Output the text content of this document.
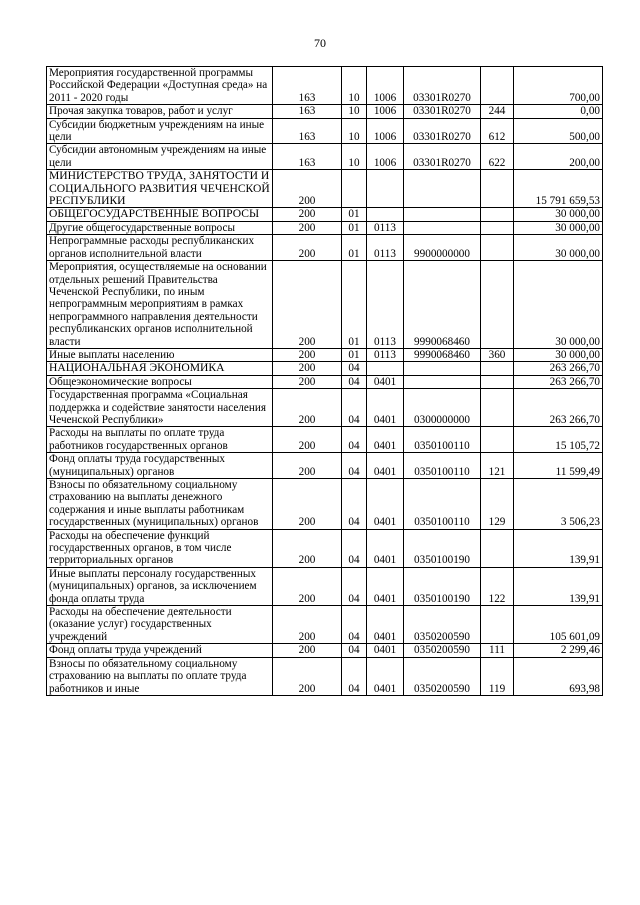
70
Мероприятия государственной программы Российской Федерации «Доступная среда» на 2011 - 2020 годы	163	10	1006	03301R0270		700,00
Прочая закупка товаров, работ и услуг	163	10	1006	03301R0270	244	0,00
Субсидии бюджетным учреждениям на иные цели	163	10	1006	03301R0270	612	500,00
Субсидии автономным учреждениям на иные цели	163	10	1006	03301R0270	622	200,00
МИНИСТЕРСТВО ТРУДА, ЗАНЯТОСТИ И СОЦИАЛЬНОГО РАЗВИТИЯ ЧЕЧЕНСКОЙ РЕСПУБЛИКИ	200					15 791 659,53
ОБЩЕГОСУДАРСТВЕННЫЕ ВОПРОСЫ	200	01				30 000,00
Другие общегосударственные вопросы	200	01	0113			30 000,00
Непрограммные расходы республиканских органов исполнительной власти	200	01	0113	9900000000		30 000,00
Мероприятия, осуществляемые на основании отдельных решений Правительства Чеченской Республики, по иным непрограммным мероприятиям в рамках непрограммного направления деятельности республиканских органов исполнительной власти	200	01	0113	9990068460		30 000,00
Иные выплаты населению	200	01	0113	9990068460	360	30 000,00
НАЦИОНАЛЬНАЯ ЭКОНОМИКА	200	04				263 266,70
Общеэкономические вопросы	200	04	0401			263 266,70
Государственная программа «Социальная поддержка и содействие занятости населения Чеченской Республики»	200	04	0401	0300000000		263 266,70
Расходы на выплаты по оплате труда работников государственных органов	200	04	0401	0350100110		15 105,72
Фонд оплаты труда государственных (муниципальных) органов	200	04	0401	0350100110	121	11 599,49
Взносы по обязательному социальному страхованию на выплаты денежного содержания и иные выплаты работникам государственных (муниципальных) органов	200	04	0401	0350100110	129	3 506,23
Расходы на обеспечение функций государственных органов, в том числе территориальных органов	200	04	0401	0350100190		139,91
Иные выплаты персоналу государственных (муниципальных) органов, за исключением фонда оплаты труда	200	04	0401	0350100190	122	139,91
Расходы на обеспечение деятельности (оказание услуг) государственных учреждений	200	04	0401	0350200590		105 601,09
Фонд оплаты труда учреждений	200	04	0401	0350200590	111	2 299,46
Взносы по обязательному социальному страхованию на выплаты по оплате труда работников и иные	200	04	0401	0350200590	119	693,98
